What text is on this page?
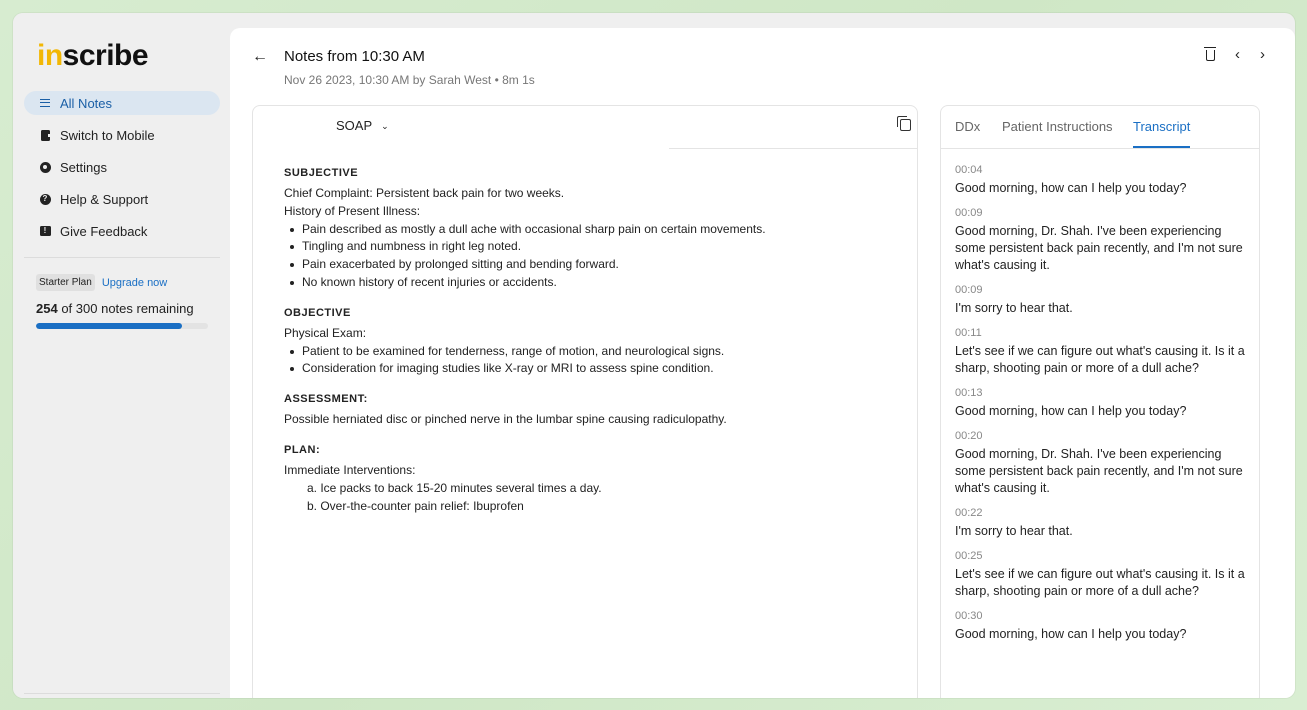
inscribe
All Notes
Switch to Mobile
Settings
? Help & Support
!	Give Feedback
Starter Plan Upgrade now
254 of 300 notes remaining
← Notes from 10:30 AM
Nov 26 2023, 10:30 AM by Sarah West • 8m 1s
‹ ›
SOAP ⌄
SUBJECTIVE
Chief Complaint: Persistent back pain for two weeks.
History of Present Illness:
Pain described as mostly a dull ache with occasional sharp pain on certain movements.
Tingling and numbness in right leg noted.
Pain exacerbated by prolonged sitting and bending forward.
No known history of recent injuries or accidents.
OBJECTIVE
Physical Exam:
Patient to be examined for tenderness, range of motion, and neurological signs.
Consideration for imaging studies like X-ray or MRI to assess spine condition.
ASSESSMENT:
Possible herniated disc or pinched nerve in the lumbar spine causing radiculopathy.
PLAN:
Immediate Interventions:
a. Ice packs to back 15-20 minutes several times a day.
b. Over-the-counter pain relief: Ibuprofen
DDx Patient Instructions Transcript
00:04
Good morning, how can I help you today?
00:09
Good morning, Dr. Shah. I've been experiencing some persistent back pain recently, and I'm not sure what's causing it.
00:09
I'm sorry to hear that.
00:11
Let's see if we can figure out what's causing it. Is it a sharp, shooting pain or more of a dull ache?
00:13
Good morning, how can I help you today?
00:20
Good morning, Dr. Shah. I've been experiencing some persistent back pain recently, and I'm not sure what's causing it.
00:22
I'm sorry to hear that.
00:25
Let's see if we can figure out what's causing it. Is it a sharp, shooting pain or more of a dull ache?
00:30
Good morning, how can I help you today?
